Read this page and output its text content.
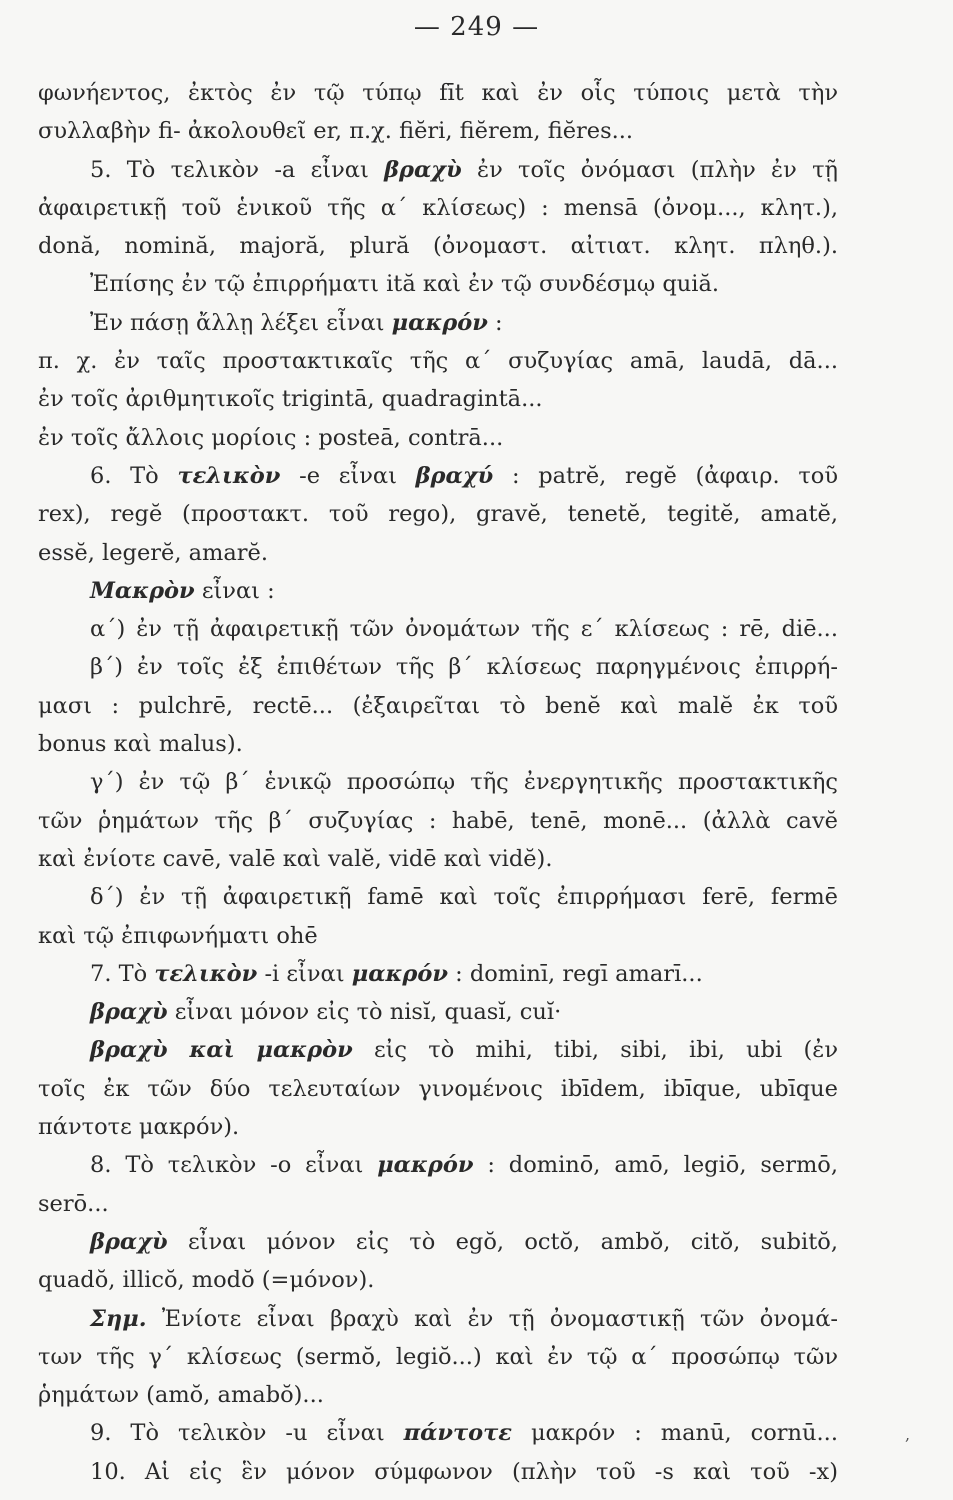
— 249 —
φωνήεντος, ἐκτὸς ἐν τῷ τύπῳ fīt καὶ ἐν οἷς τύποις μετὰ τὴν
συλλαβὴν fi- ἀκολουθεῖ er, π.χ. fiĕri, fiĕrem, fiĕres...
5. Τὸ τελικὸν -a εἶναι βραχὺ ἐν τοῖς ὀνόμασι (πλὴν ἐν τῇ
ἀφαιρετικῇ τοῦ ἑνικοῦ τῆς α΄ κλίσεως) : mensā (ὀνομ..., κλητ.),
donă, nomină, majoră, plură (ὀνομαστ. αἰτιατ. κλητ. πληθ.).
Ἐπίσης ἐν τῷ ἐπιρρήματι ită καὶ ἐν τῷ συνδέσμῳ quiă.
Ἐν πάσῃ ἄλλῃ λέξει εἶναι μακρόν :
π. χ. ἐν ταῖς προστακτικαῖς τῆς α΄ συζυγίας amā, laudā, dā...
ἐν τοῖς ἀριθμητικοῖς trigintā, quadragintā...
ἐν τοῖς ἄλλοις μορίοις : posteā, contrā...
6. Τὸ τελικὸν -e εἶναι βραχύ : patrĕ, regĕ (ἀφαιρ. τοῦ
rex), regĕ (προστακτ. τοῦ rego), gravĕ, tenetĕ, tegitĕ, amatĕ,
essĕ, legerĕ, amarĕ.
Μακρὸν εἶναι :
α΄) ἐν τῇ ἀφαιρετικῇ τῶν ὀνομάτων τῆς ε΄ κλίσεως : rē, diē...
β΄) ἐν τοῖς ἐξ ἐπιθέτων τῆς β΄ κλίσεως παρηγμένοις ἐπιρρή-
μασι : pulchrē, rectē... (ἐξαιρεῖται τὸ benĕ καὶ malĕ ἐκ τοῦ
bonus καὶ malus).
γ΄) ἐν τῷ β΄ ἑνικῷ προσώπῳ τῆς ἐνεργητικῆς προστακτικῆς
τῶν ῥημάτων τῆς β΄ συζυγίας : habē, tenē, monē... (ἀλλὰ cavĕ
καὶ ἐνίοτε cavē, valē καὶ valĕ, vidē καὶ vidĕ).
δ΄) ἐν τῇ ἀφαιρετικῇ famē καὶ τοῖς ἐπιρρήμασι ferē, fermē
καὶ τῷ ἐπιφωνήματι ohē
7. Τὸ τελικὸν -i εἶναι μακρόν : dominī, regī amarī...
βραχὺ εἶναι μόνον εἰς τὸ nisĭ, quasĭ, cuĭ·
βραχὺ καὶ μακρὸν εἰς τὸ mihi, tibi, sibi, ibi, ubi (ἐν
τοῖς ἐκ τῶν δύο τελευταίων γινομένοις ibīdem, ibīque, ubīque
πάντοτε μακρόν).
8. Τὸ τελικὸν -o εἶναι μακρόν : dominō, amō, legiō, sermō,
serō...
βραχὺ εἶναι μόνον εἰς τὸ egŏ, octŏ, ambŏ, citŏ, subitŏ,
quadŏ, illicŏ, modŏ (=μόνον).
Σημ. Ἐνίοτε εἶναι βραχὺ καὶ ἐν τῇ ὀνομαστικῇ τῶν ὀνομά-
των τῆς γ΄ κλίσεως (sermŏ, legiŏ...) καὶ ἐν τῷ α΄ προσώπῳ τῶν
ῥημάτων (amŏ, amabŏ)...
9. Τὸ τελικὸν -u εἶναι πάντοτε μακρόν : manū, cornū...
10. Αἱ εἰς ἓν μόνον σύμφωνον (πλὴν τοῦ -s καὶ τοῦ -x)
,
